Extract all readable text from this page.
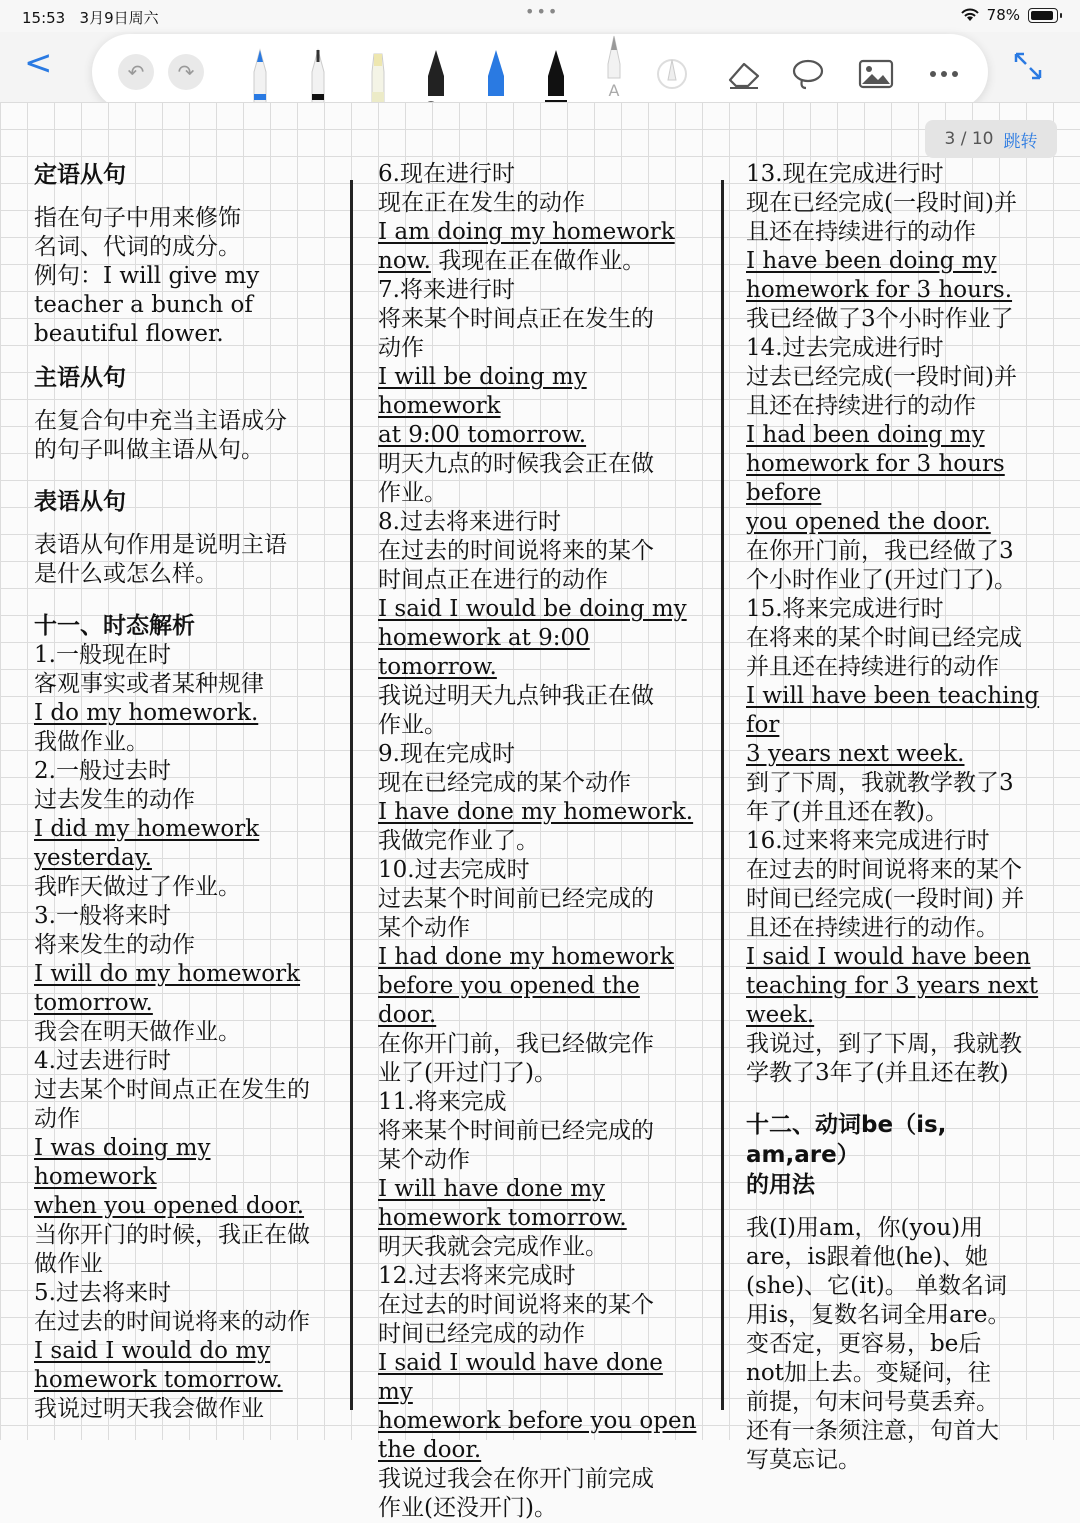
15:53 3月9日周六	•••	78%
<	↶	↷
A
3 / 10 跳转
定语从句
指在句子中用来修饰
名词、代词的成分。
例句：I will give my
teacher a bunch of
beautiful flower.
主语从句
在复合句中充当主语成分
的句子叫做主语从句。
表语从句
表语从句作用是说明主语
是什么或怎么样。
十一、时态解析
1.一般现在时
客观事实或者某种规律
I do my homework.
我做作业。
2.一般过去时
过去发生的动作
I did my homework
yesterday.
我昨天做过了作业。
3.一般将来时
将来发生的动作
I will do my homework
tomorrow.
我会在明天做作业。
4.过去进行时
过去某个时间点正在发生的
动作
I was doing my homework
when you opened door.
当你开门的时候，我正在做
做作业
5.过去将来时
在过去的时间说将来的动作
I said I would do my
homework tomorrow.
我说过明天我会做作业
6.现在进行时
现在正在发生的动作
I am doing my homework
now. 我现在正在做作业。
7.将来进行时
将来某个时间点正在发生的
动作
I will be doing my homework
at 9:00 tomorrow.
明天九点的时候我会正在做
作业。
8.过去将来进行时
在过去的时间说将来的某个
时间点正在进行的动作
I said I would be doing my
homework at 9:00 tomorrow.
我说过明天九点钟我正在做
作业。
9.现在完成时
现在已经完成的某个动作
I have done my homework.
我做完作业了。
10.过去完成时
过去某个时间前已经完成的
某个动作
I had done my homework
before you opened the door.
在你开门前，我已经做完作
业了(开过门了)。
11.将来完成
将来某个时间前已经完成的
某个动作
I will have done my
homework tomorrow.
明天我就会完成作业。
12.过去将来完成时
在过去的时间说将来的某个
时间已经完成的动作
I said I would have done my
homework before you open
the door.
我说过我会在你开门前完成
作业(还没开门)。
13.现在完成进行时
现在已经完成(一段时间)并
且还在持续进行的动作
I have been doing my
homework for 3 hours.
我已经做了3个小时作业了
14.过去完成进行时
过去已经完成(一段时间)并
且还在持续进行的动作
I had been doing my
homework for 3 hours before
you opened the door.
在你开门前，我已经做了3
个小时作业了(开过门了)。
15.将来完成进行时
在将来的某个时间已经完成
并且还在持续进行的动作
I will have been teaching for
3 years next week.
到了下周，我就教学教了3
年了(并且还在教)。
16.过来将来完成进行时
在过去的时间说将来的某个
时间已经完成(一段时间) 并
且还在持续进行的动作。
I said I would have been
teaching for 3 years next
week.
我说过，到了下周，我就教
学教了3年了(并且还在教)
十二、动词be（is, am,are）
的用法
我(I)用am，你(you)用
are，is跟着他(he)、她
(she)、它(it)。 单数名词
用is，复数名词全用are。
变否定，更容易，be后
not加上去。变疑问，往
前提，句末问号莫丢弃。
还有一条须注意，句首大
写莫忘记。
